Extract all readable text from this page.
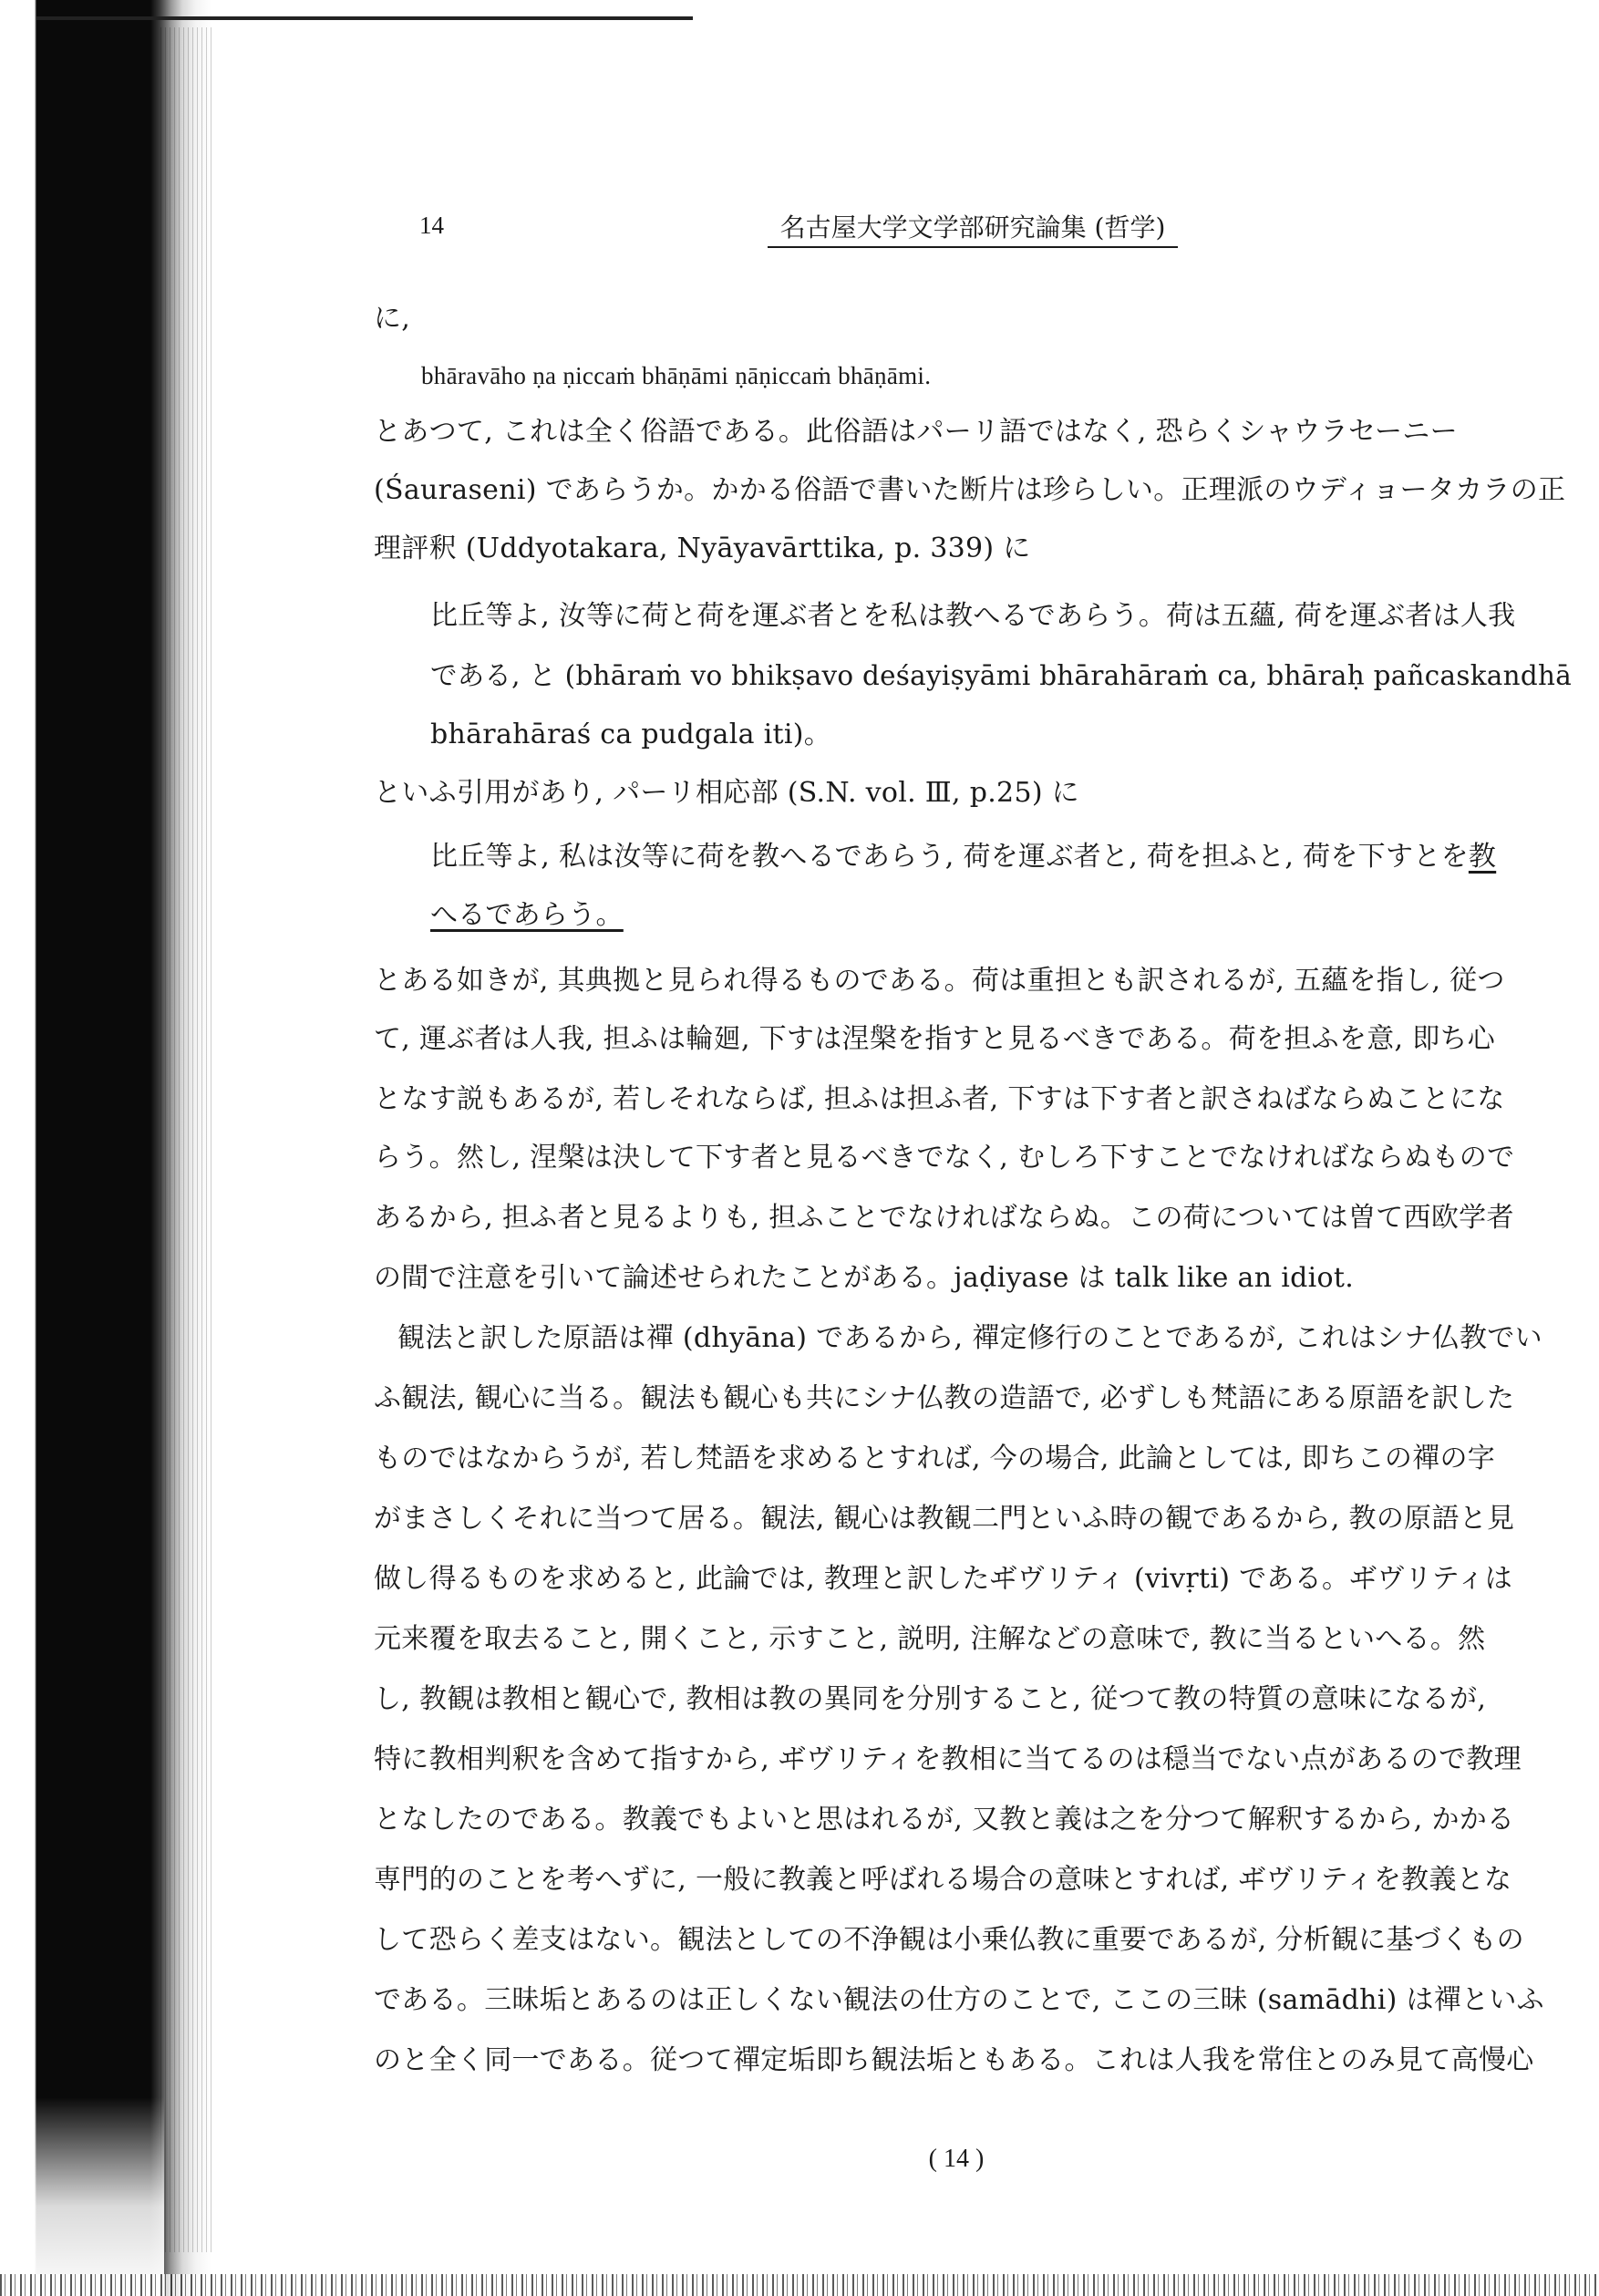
14	名古屋大学文学部研究論集 (哲学)
に,
bhāravāho ṇa ṇiccaṁ bhāṇāmi ṇāṇiccaṁ bhāṇāmi.
とあつて, これは全く俗語である。此俗語はパーリ語ではなく, 恐らくシャウラセーニー
(Śauraseni) であらうか。かかる俗語で書いた断片は珍らしい。正理派のウディョータカラの正
理評釈 (Uddyotakara, Nyāyavārttika, p. 339) に
比丘等よ, 汝等に荷と荷を運ぶ者とを私は教へるであらう。荷は五蘊, 荷を運ぶ者は人我
である, と (bhāraṁ vo bhikṣavo deśayiṣyāmi bhārahāraṁ ca, bhāraḥ pañcaskandhā
bhārahāraś ca pudgala iti)。
といふ引用があり, パーリ相応部 (S.N. vol. Ⅲ, p.25) に
比丘等よ, 私は汝等に荷を教へるであらう, 荷を運ぶ者と, 荷を担ふと, 荷を下すとを教
へるであらう。
とある如きが, 其典拠と見られ得るものである。荷は重担とも訳されるが, 五蘊を指し, 従つ
て, 運ぶ者は人我, 担ふは輪廻, 下すは涅槃を指すと見るべきである。荷を担ふを意, 即ち心
となす説もあるが, 若しそれならば, 担ふは担ふ者, 下すは下す者と訳さねばならぬことにな
らう。然し, 涅槃は決して下す者と見るべきでなく, むしろ下すことでなければならぬもので
あるから, 担ふ者と見るよりも, 担ふことでなければならぬ。この荷については曽て西欧学者
の間で注意を引いて論述せられたことがある。jaḍiyase は talk like an idiot.
観法と訳した原語は禪 (dhyāna) であるから, 禪定修行のことであるが, これはシナ仏教でい
ふ観法, 観心に当る。観法も観心も共にシナ仏教の造語で, 必ずしも梵語にある原語を訳した
ものではなからうが, 若し梵語を求めるとすれば, 今の場合, 此論としては, 即ちこの禪の字
がまさしくそれに当つて居る。観法, 観心は教観二門といふ時の観であるから, 教の原語と見
做し得るものを求めると, 此論では, 教理と訳したヸヴリティ (vivṛti) である。ヸヴリティは
元来覆を取去ること, 開くこと, 示すこと, 説明, 注解などの意味で, 教に当るといへる。然
し, 教観は教相と観心で, 教相は教の異同を分別すること, 従つて教の特質の意味になるが,
特に教相判釈を含めて指すから, ヸヴリティを教相に当てるのは穏当でない点があるので教理
となしたのである。教義でもよいと思はれるが, 又教と義は之を分つて解釈するから, かかる
専門的のことを考へずに, 一般に教義と呼ばれる場合の意味とすれば, ヸヴリティを教義とな
して恐らく差支はない。観法としての不浄観は小乗仏教に重要であるが, 分析観に基づくもの
である。三昧垢とあるのは正しくない観法の仕方のことで, ここの三昧 (samādhi) は禪といふ
のと全く同一である。従つて禪定垢即ち観法垢ともある。これは人我を常住とのみ見て高慢心
( 14 )
